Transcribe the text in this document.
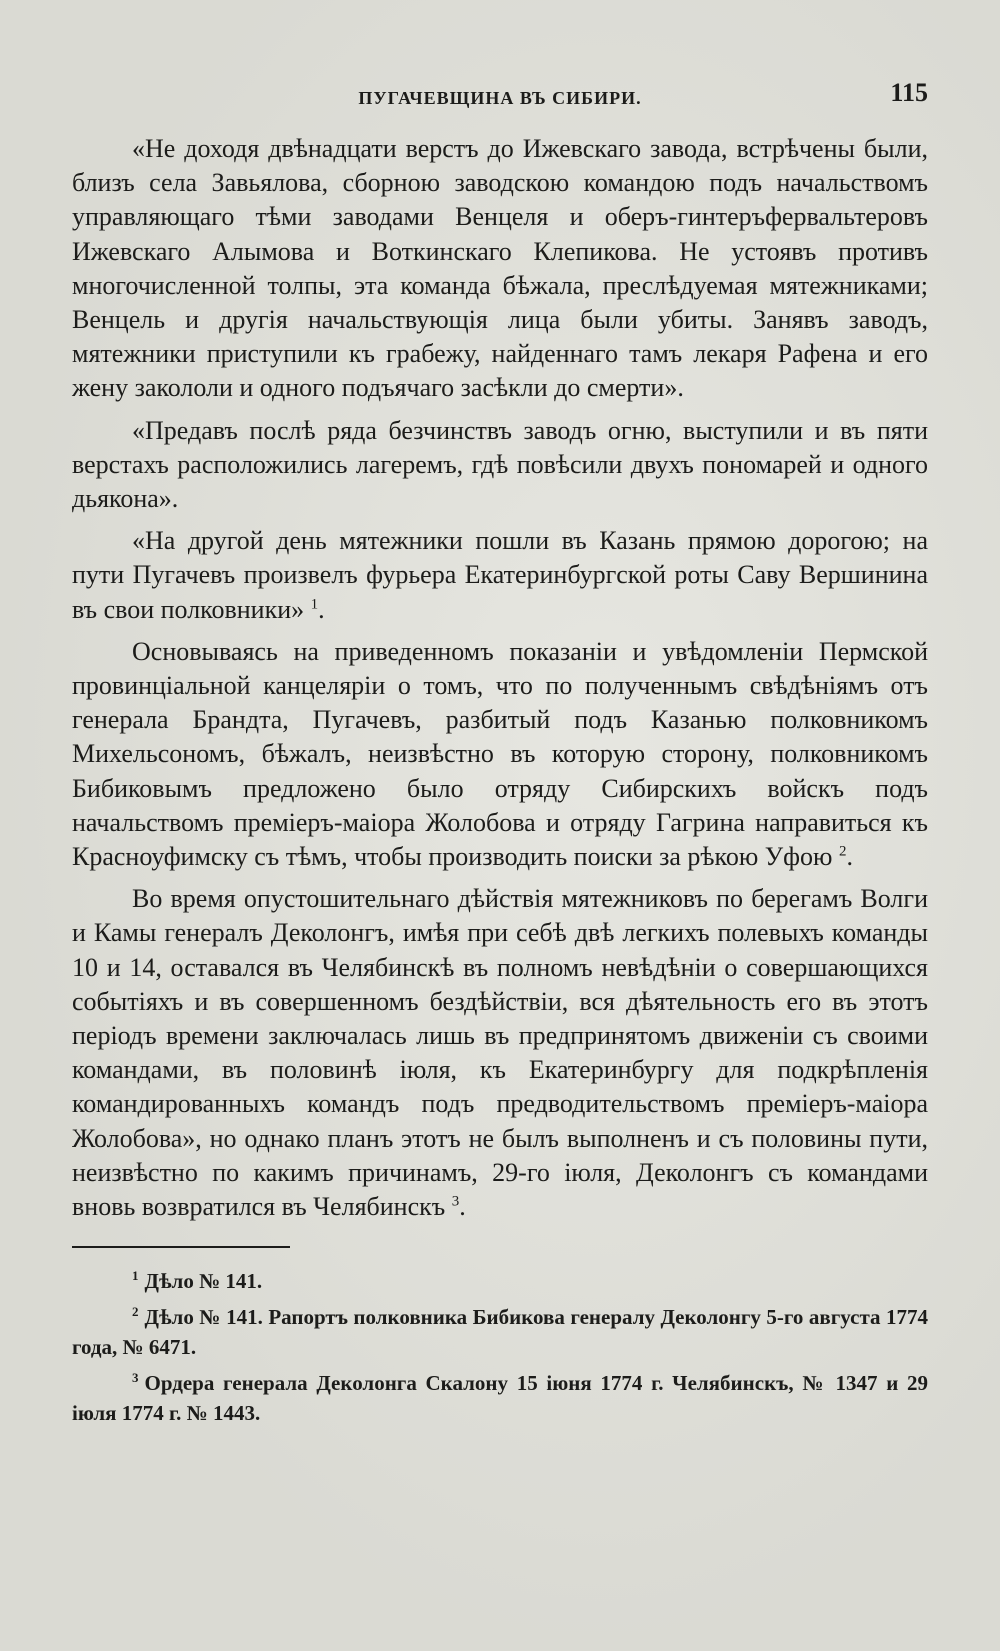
ПУГАЧЕВЩИНА ВЪ СИБИРИ.	115

«Не доходя двѣнадцати верстъ до Ижевскаго завода, встрѣчены были, близъ села Завьялова, сборною заводскою командою подъ начальствомъ управляющаго тѣми заводами Венцеля и оберъ-гинтеръфервальтеровъ Ижевскаго Алымова и Воткинскаго Клепикова. Не устоявъ противъ многочисленной толпы, эта команда бѣжала, преслѣдуемая мятежниками; Венцель и другія начальствующія лица были убиты. Занявъ заводъ, мятежники приступили къ грабежу, найденнаго тамъ лекаря Рафена и его жену закололи и одного подъячаго засѣкли до смерти».

«Предавъ послѣ ряда безчинствъ заводъ огню, выступили и въ пяти верстахъ расположились лагеремъ, гдѣ повѣсили двухъ пономарей и одного дьякона».

«На другой день мятежники пошли въ Казань прямою дорогою; на пути Пугачевъ произвелъ фурьера Екатеринбургской роты Саву Вершинина въ свои полковники» $^1$.

Основываясь на приведенномъ показаніи и увѣдомленіи Пермской провинціальной канцеляріи о томъ, что по полученнымъ свѣдѣніямъ отъ генерала Брандта, Пугачевъ, разбитый подъ Казанью полковникомъ Михельсономъ, бѣжалъ, неизвѣстно въ которую сторону, полковникомъ Бибиковымъ предложено было отряду Сибирскихъ войскъ подъ начальствомъ преміеръ-маіора Жолобова и отряду Гагрина направиться къ Красноуфимску съ тѣмъ, чтобы производить поиски за рѣкою Уфою $^2$.

Во время опустошительнаго дѣйствія мятежниковъ по берегамъ Волги и Камы генералъ Деколонгъ, имѣя при себѣ двѣ легкихъ полевыхъ команды 10 и 14, оставался въ Челябинскѣ въ полномъ невѣдѣніи о совершающихся событіяхъ и въ совершенномъ бездѣйствіи, вся дѣятельность его въ этотъ періодъ времени заключалась лишь въ предпринятомъ движеніи съ своими командами, въ половинѣ іюля, къ Екатеринбургу для подкрѣпленія командированныхъ командъ подъ предводительствомъ преміеръ-маіора Жолобова», но однако планъ этотъ не былъ выполненъ и съ половины пути, неизвѣстно по какимъ причинамъ, 29-го іюля, Деколонгъ съ командами вновь возвратился въ Челябинскъ $^3$.

$^1$ Дѣло № 141.

$^2$ Дѣло № 141. Рапортъ полковника Бибикова генералу Деколонгу 5-го августа 1774 года, № 6471.

$^3$ Ордера генерала Деколонга Скалону 15 іюня 1774 г. Челябинскъ, № 1347 и 29 іюля 1774 г. № 1443.
